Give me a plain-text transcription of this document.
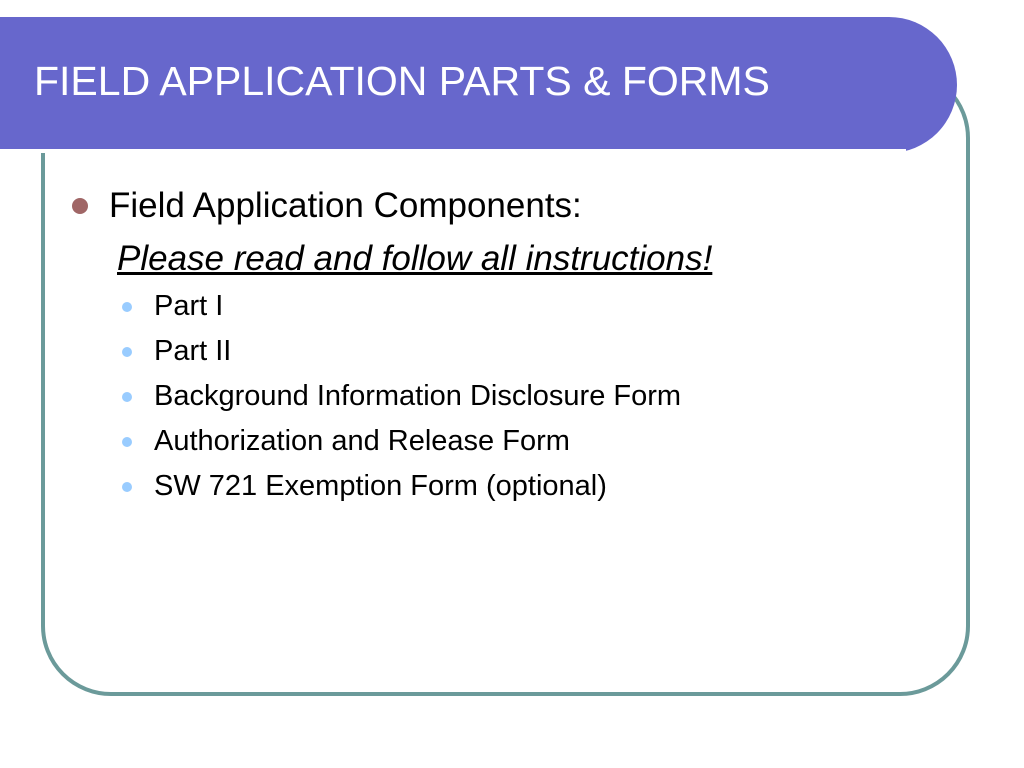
FIELD APPLICATION PARTS & FORMS
Field Application Components:
Please read and follow all instructions!
Part I
Part II
Background Information Disclosure Form
Authorization and Release Form
SW 721 Exemption Form (optional)
